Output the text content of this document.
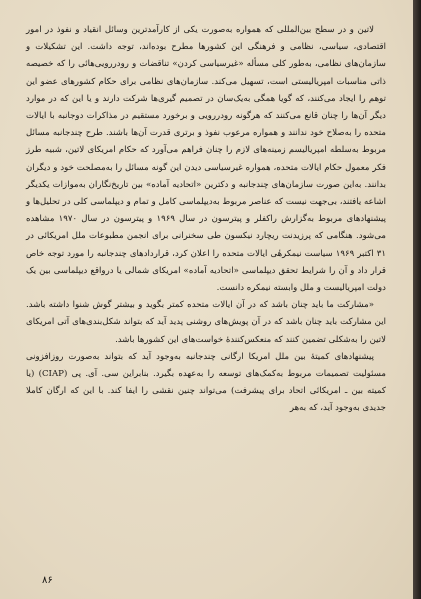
لاتین و در سطح بین‌المللی که همواره به‌صورت یکی از کارآمدترین وسائل انقیاد و نفوذ در امور اقتصادی، سیاسی، نظامی و فرهنگی این کشورها مطرح بوده‌اند، توجه داشت. این تشکیلات و سازمان‌های نظامی، به‌طور کلی مسأله «غیرسیاسی کردن» تناقضات و رودررویی‌هائی را که خصیصه ذاتی مناسبات امپریالیستی است، تسهیل می‌کند. سازمان‌های نظامی برای حکام کشورهای عضو این توهم را ایجاد می‌کنند، که گویا همگی به‌یک‌سان در تصمیم گیری‌ها شرکت دارند و یا این که در موارد دیگر آن‌ها را چنان قانع می‌کنند که هرگونه رودررویی و برخورد مستقیم در مذاکرات دوجانبه با ایالات متحده را به‌صلاح خود ندانند و همواره مرعوب نفوذ و برتری قدرت آن‌ها باشند. طرح چندجانبه مسائل مربوط به‌سلطه امپریالیسم زمینه‌های لازم را چنان فراهم می‌آورد که حکام امریکای لاتین، شبیه طرز فکر معمول حکام ایالات متحده، همواره غیرسیاسی دیدن این گونه مسائل را به‌مصلحت خود و دیگران بدانند. به‌این صورت سازمان‌های چندجانبه و دکترین «اتحادیه آماده» بین تاریخ‌نگاران به‌موازات یکدیگر اشاعه یافتند، بی‌جهت نیست که عناصر مربوط به‌دیپلماسی کامل و تمام و دیپلماسی کلی در تحلیل‌ها و پیشنهادهای مربوط به‌گزارش راکفلر و پیترسون در سال ۱۹۶۹ و پیترسون در سال ۱۹۷۰ مشاهده می‌شود. هنگامی که پرزیدنت ریچارد نیکسون طی سخنرانی برای انجمن مطبوعات ملل امریکائی در ۳۱ اکتبر ۱۹۶۹ سیاست نیمکرهٔی ایالات متحده را اعلان کرد، قراردادهای چندجانبه را مورد توجه خاص قرار داد و آن را شرایط تحقق دیپلماسی «اتحادیه آماده» امریکای شمالی یا درواقع دیپلماسی بین یک دولت امپریالیست و ملل وابسته نیمکره دانست.

«مشارکت ما باید چنان باشد که در آن ایالات متحده کمتر بگوید و بیشتر گوش شنوا داشته باشد. این مشارکت باید چنان باشد که در آن پویش‌های روشنی پدید آید که بتواند شکل‌بندی‌های آتی امریکای لاتین را به‌شکلی تضمین کنند که منعکس‌کنندهٔ خواست‌های این کشورها باشد.

پیشنهادهای کمیتهٔ بین ملل امریکا ارگانی چندجانبه به‌وجود آید که بتواند به‌صورت روزافزونی مسئولیت تصمیمات مربوط به‌کمک‌های توسعه را به‌عهده بگیرد. بنابراین سی. آی. پی (CIAP) (یا کمیته بین ـ امریکائی اتحاد برای پیشرفت) می‌تواند چنین نقشی را ایفا کند. با این که ارگان کاملا جدیدی به‌وجود آید، که به‌هر

۸۶
